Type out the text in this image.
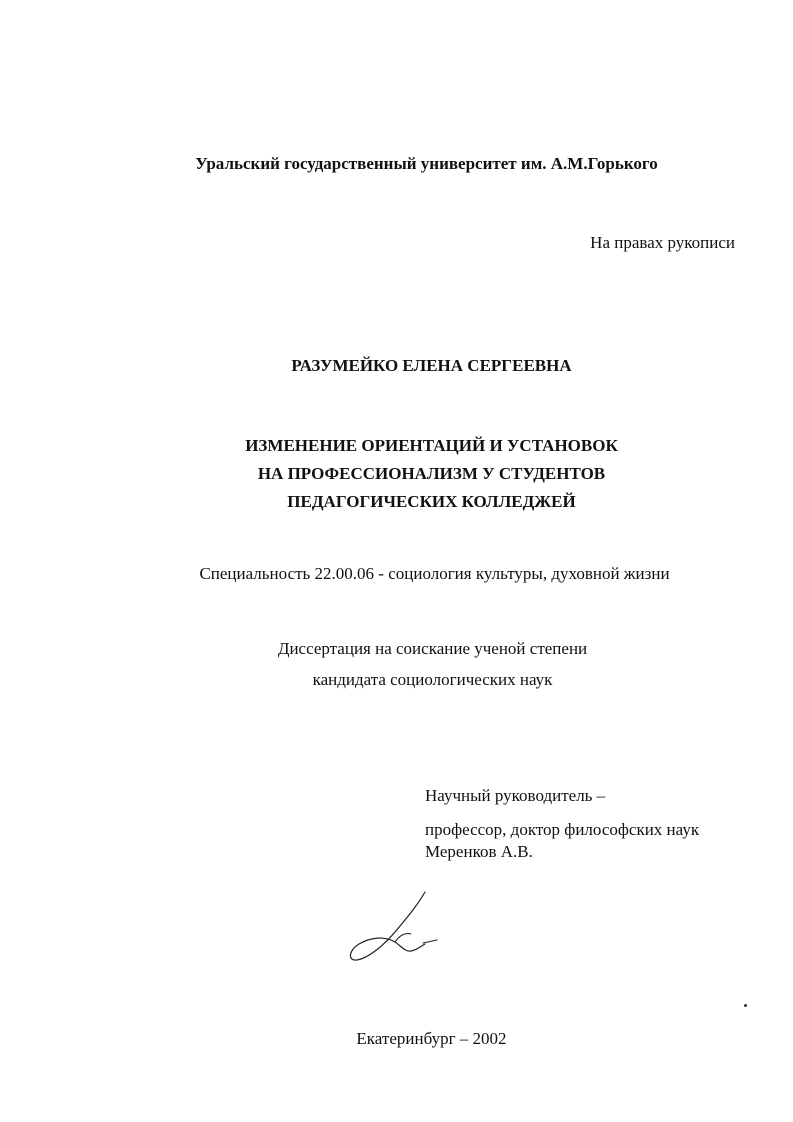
Уральский государственный университет им. А.М.Горького
На правах рукописи
РАЗУМЕЙКО ЕЛЕНА СЕРГЕЕВНА
ИЗМЕНЕНИЕ ОРИЕНТАЦИЙ И УСТАНОВОК
НА ПРОФЕССИОНАЛИЗМ У СТУДЕНТОВ
ПЕДАГОГИЧЕСКИХ КОЛЛЕДЖЕЙ
Специальность 22.00.06 - социология культуры, духовной жизни
Диссертация на соискание ученой степени
кандидата социологических наук
Научный руководитель –
профессор, доктор философских наук
Меренков А.В.
Екатеринбург – 2002
